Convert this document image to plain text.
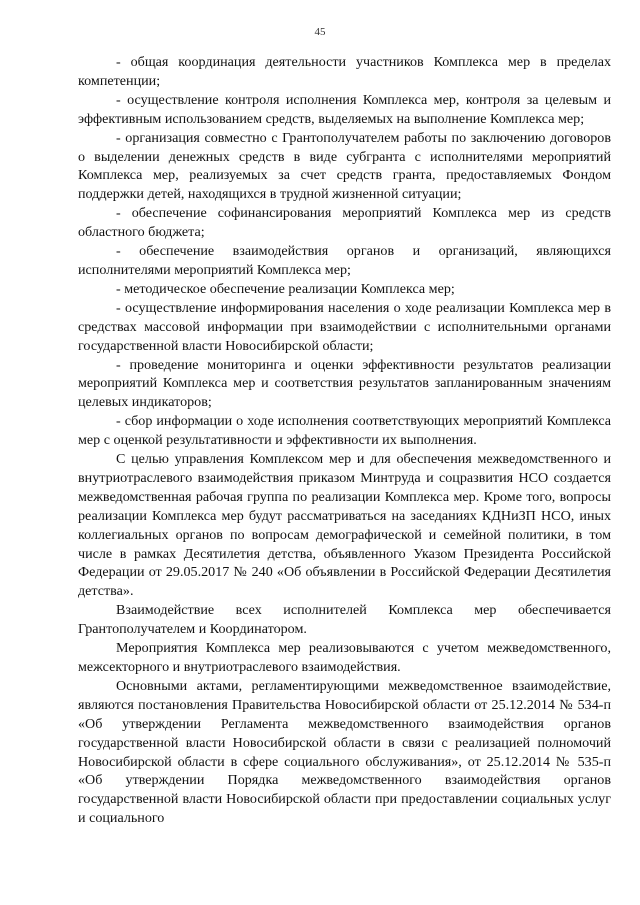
45

- общая координация деятельности участников Комплекса мер в пределах компетенции;

- осуществление контроля исполнения Комплекса мер, контроля за целевым и эффективным использованием средств, выделяемых на выполнение Комплекса мер;

- организация совместно с Грантополучателем работы по заключению договоров о выделении денежных средств в виде субгранта с исполнителями мероприятий Комплекса мер, реализуемых за счет средств гранта, предоставляемых Фондом поддержки детей, находящихся в трудной жизненной ситуации;

- обеспечение софинансирования мероприятий Комплекса мер из средств областного бюджета;

- обеспечение взаимодействия органов и организаций, являющихся исполнителями мероприятий Комплекса мер;

- методическое обеспечение реализации Комплекса мер;

- осуществление информирования населения о ходе реализации Комплекса мер в средствах массовой информации при взаимодействии с исполнительными органами государственной власти Новосибирской области;

- проведение мониторинга и оценки эффективности результатов реализации мероприятий Комплекса мер и соответствия результатов запланированным значениям целевых индикаторов;

- сбор информации о ходе исполнения соответствующих мероприятий Комплекса мер с оценкой результативности и эффективности их выполнения.

С целью управления Комплексом мер и для обеспечения межведомственного и внутриотраслевого взаимодействия приказом Минтруда и соцразвития НСО создается межведомственная рабочая группа по реализации Комплекса мер. Кроме того, вопросы реализации Комплекса мер будут рассматриваться на заседаниях КДНиЗП НСО, иных коллегиальных органов по вопросам демографической и семейной политики, в том числе в рамках Десятилетия детства, объявленного Указом Президента Российской Федерации от 29.05.2017 № 240 «Об объявлении в Российской Федерации Десятилетия детства».

Взаимодействие всех исполнителей Комплекса мер обеспечивается Грантополучателем и Координатором.

Мероприятия Комплекса мер реализовываются с учетом межведомственного, межсекторного и внутриотраслевого взаимодействия.

Основными актами, регламентирующими межведомственное взаимодействие, являются постановления Правительства Новосибирской области от 25.12.2014 № 534-п «Об утверждении Регламента межведомственного взаимодействия органов государственной власти Новосибирской области в связи с реализацией полномочий Новосибирской области в сфере социального обслуживания», от 25.12.2014 № 535-п «Об утверждении Порядка межведомственного взаимодействия органов государственной власти Новосибирской области при предоставлении социальных услуг и социального
